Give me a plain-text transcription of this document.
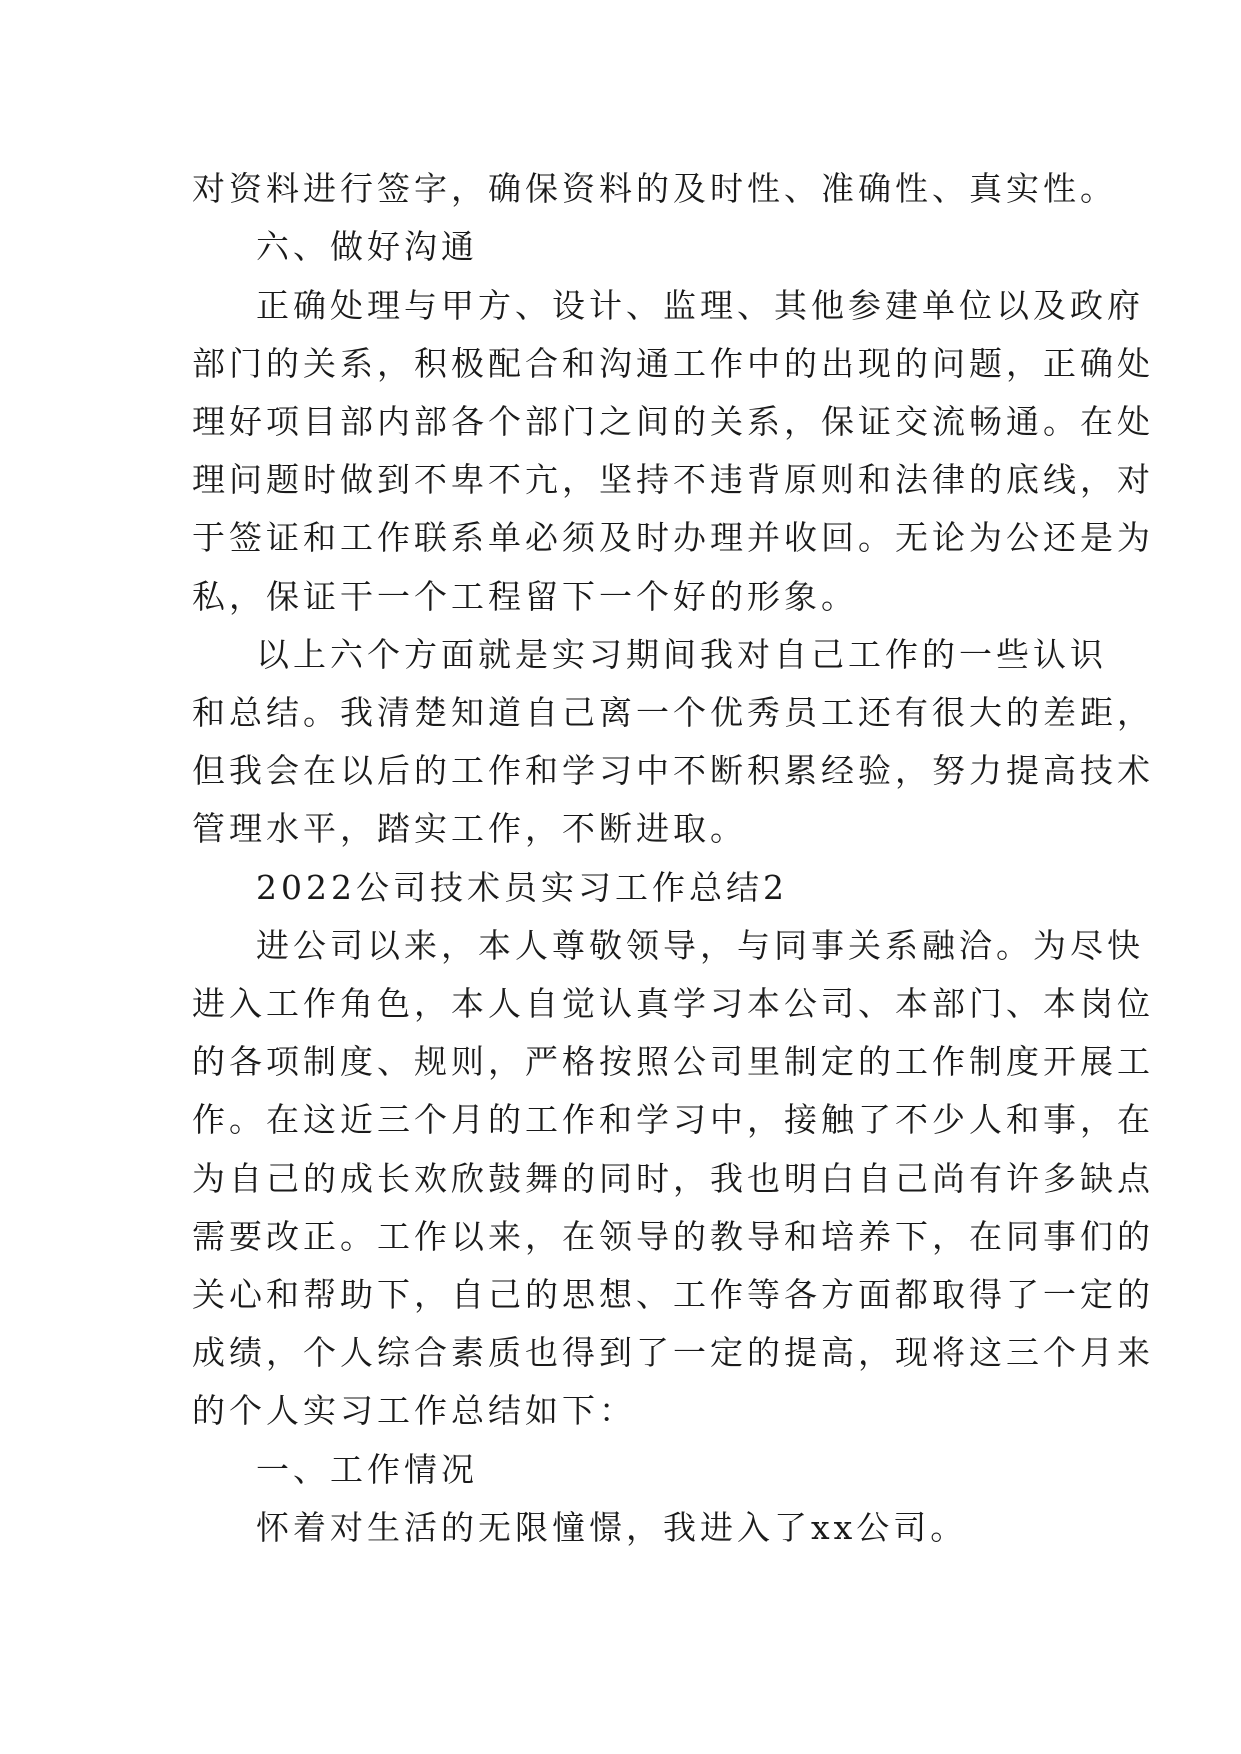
对资料进行签字，确保资料的及时性、准确性、真实性。
六、做好沟通
正确处理与甲方、设计、监理、其他参建单位以及政府
部门的关系，积极配合和沟通工作中的出现的问题，正确处
理好项目部内部各个部门之间的关系，保证交流畅通。在处
理问题时做到不卑不亢，坚持不违背原则和法律的底线，对
于签证和工作联系单必须及时办理并收回。无论为公还是为
私，保证干一个工程留下一个好的形象。
以上六个方面就是实习期间我对自己工作的一些认识
和总结。我清楚知道自己离一个优秀员工还有很大的差距，
但我会在以后的工作和学习中不断积累经验，努力提高技术
管理水平，踏实工作，不断进取。
2022公司技术员实习工作总结2
进公司以来，本人尊敬领导，与同事关系融洽。为尽快
进入工作角色，本人自觉认真学习本公司、本部门、本岗位
的各项制度、规则，严格按照公司里制定的工作制度开展工
作。在这近三个月的工作和学习中，接触了不少人和事，在
为自己的成长欢欣鼓舞的同时，我也明白自己尚有许多缺点
需要改正。工作以来，在领导的教导和培养下，在同事们的
关心和帮助下，自己的思想、工作等各方面都取得了一定的
成绩，个人综合素质也得到了一定的提高，现将这三个月来
的个人实习工作总结如下：
一、工作情况
怀着对生活的无限憧憬，我进入了xx公司。
